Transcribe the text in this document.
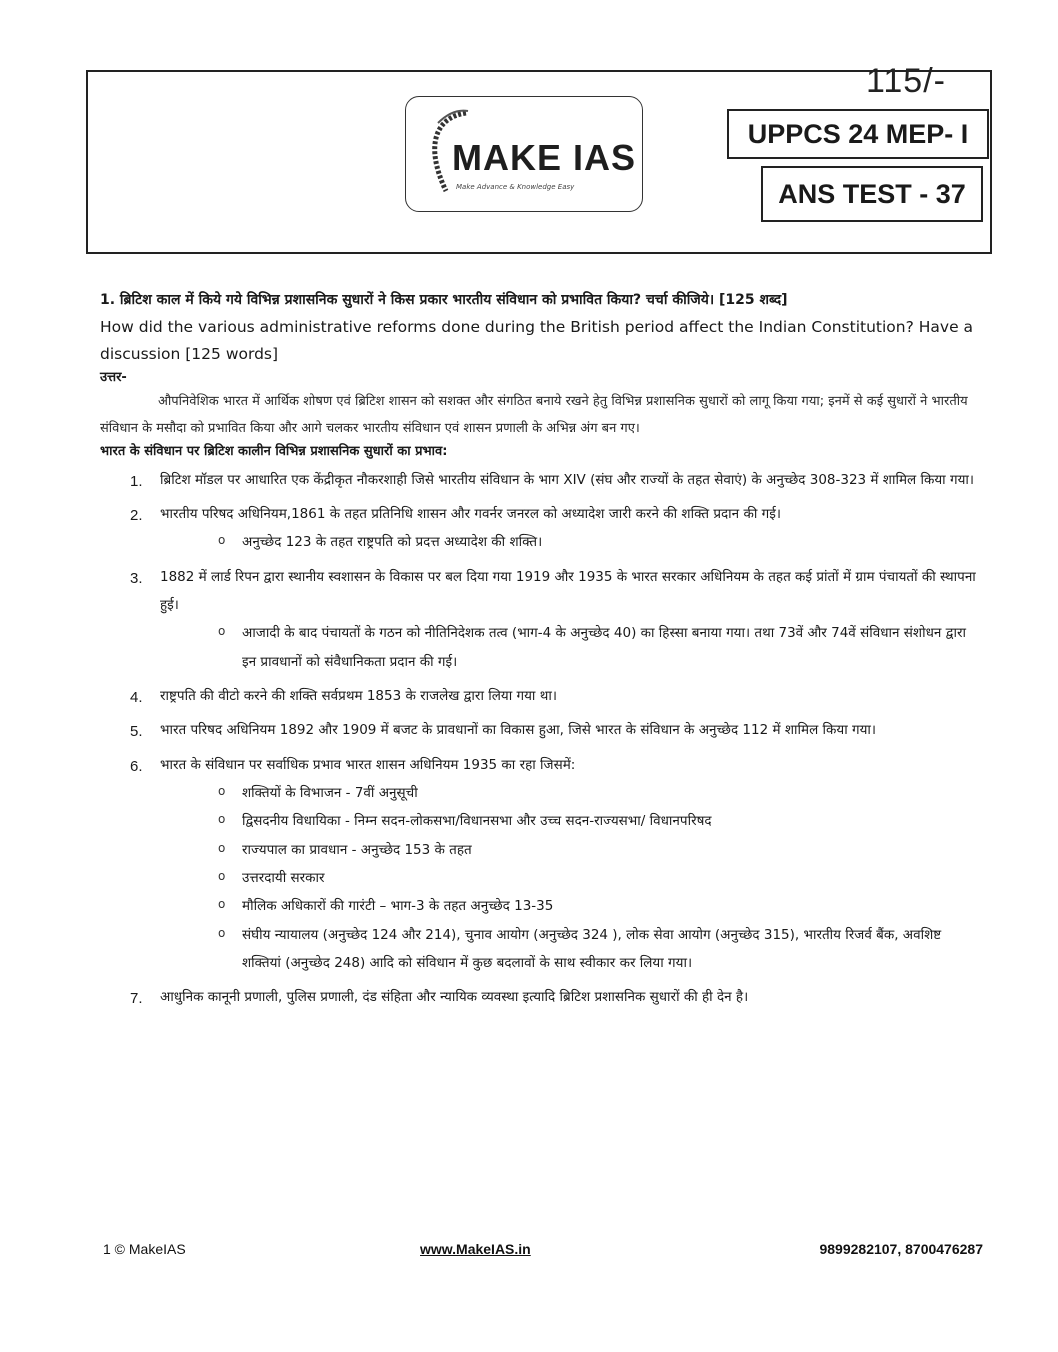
115/-
MAKE IAS
Make Advance & Knowledge Easy
UPPCS 24 MEP- I
ANS TEST - 37

1. ब्रिटिश काल में किये गये विभिन्न प्रशासनिक सुधारों ने किस प्रकार भारतीय संविधान को प्रभावित किया? चर्चा कीजिये। [125 शब्द]

How did the various administrative reforms done during the British period affect the Indian Constitution? Have a discussion [125 words]

उत्तर-

औपनिवेशिक भारत में आर्थिक शोषण एवं ब्रिटिश शासन को सशक्त और संगठित बनाये रखने हेतु विभिन्न प्रशासनिक सुधारों को लागू किया गया; इनमें से कई सुधारों ने भारतीय संविधान के मसौदा को प्रभावित किया और आगे चलकर भारतीय संविधान एवं शासन प्रणाली के अभिन्न अंग बन गए।

भारत के संविधान पर ब्रिटिश कालीन विभिन्न प्रशासनिक सुधारों का प्रभाव:

1. ब्रिटिश मॉडल पर आधारित एक केंद्रीकृत नौकरशाही जिसे भारतीय संविधान के भाग XIV (संघ और राज्यों के तहत सेवाएं) के अनुच्छेद 308-323 में शामिल किया गया।
2. भारतीय परिषद अधिनियम,1861 के तहत प्रतिनिधि शासन और गवर्नर जनरल को अध्यादेश जारी करने की शक्ति प्रदान की गई।
o अनुच्छेद 123 के तहत राष्ट्रपति को प्रदत्त अध्यादेश की शक्ति।
3. 1882 में लार्ड रिपन द्वारा स्थानीय स्वशासन के विकास पर बल दिया गया 1919 और 1935 के भारत सरकार अधिनियम के तहत कई प्रांतों में ग्राम पंचायतों की स्थापना हुई।
o आजादी के बाद पंचायतों के गठन को नीतिनिदेशक तत्व (भाग-4 के अनुच्छेद 40) का हिस्सा बनाया गया। तथा 73वें और 74वें संविधान संशोधन द्वारा इन प्रावधानों को संवैधानिकता प्रदान की गई।
4. राष्ट्रपति की वीटो करने की शक्ति सर्वप्रथम 1853 के राजलेख द्वारा लिया गया था।
5. भारत परिषद अधिनियम 1892 और 1909 में बजट के प्रावधानों का विकास हुआ, जिसे भारत के संविधान के अनुच्छेद 112 में शामिल किया गया।
6. भारत के संविधान पर सर्वाधिक प्रभाव भारत शासन अधिनियम 1935 का रहा जिसमें:
o शक्तियों के विभाजन - 7वीं अनुसूची
o द्विसदनीय विधायिका - निम्न सदन-लोकसभा/विधानसभा और उच्च सदन-राज्यसभा/ विधानपरिषद
o राज्यपाल का प्रावधान - अनुच्छेद 153 के तहत
o उत्तरदायी सरकार
o मौलिक अधिकारों की गारंटी – भाग-3 के तहत अनुच्छेद 13-35
o संघीय न्यायालय (अनुच्छेद 124 और 214), चुनाव आयोग (अनुच्छेद 324 ), लोक सेवा आयोग (अनुच्छेद 315), भारतीय रिजर्व बैंक, अवशिष्ट शक्तियां (अनुच्छेद 248) आदि को संविधान में कुछ बदलावों के साथ स्वीकार कर लिया गया।
7. आधुनिक कानूनी प्रणाली, पुलिस प्रणाली, दंड संहिता और न्यायिक व्यवस्था इत्यादि ब्रिटिश प्रशासनिक सुधारों की ही देन है।
1 © MakeIAS	www.MakeIAS.in	9899282107, 8700476287
